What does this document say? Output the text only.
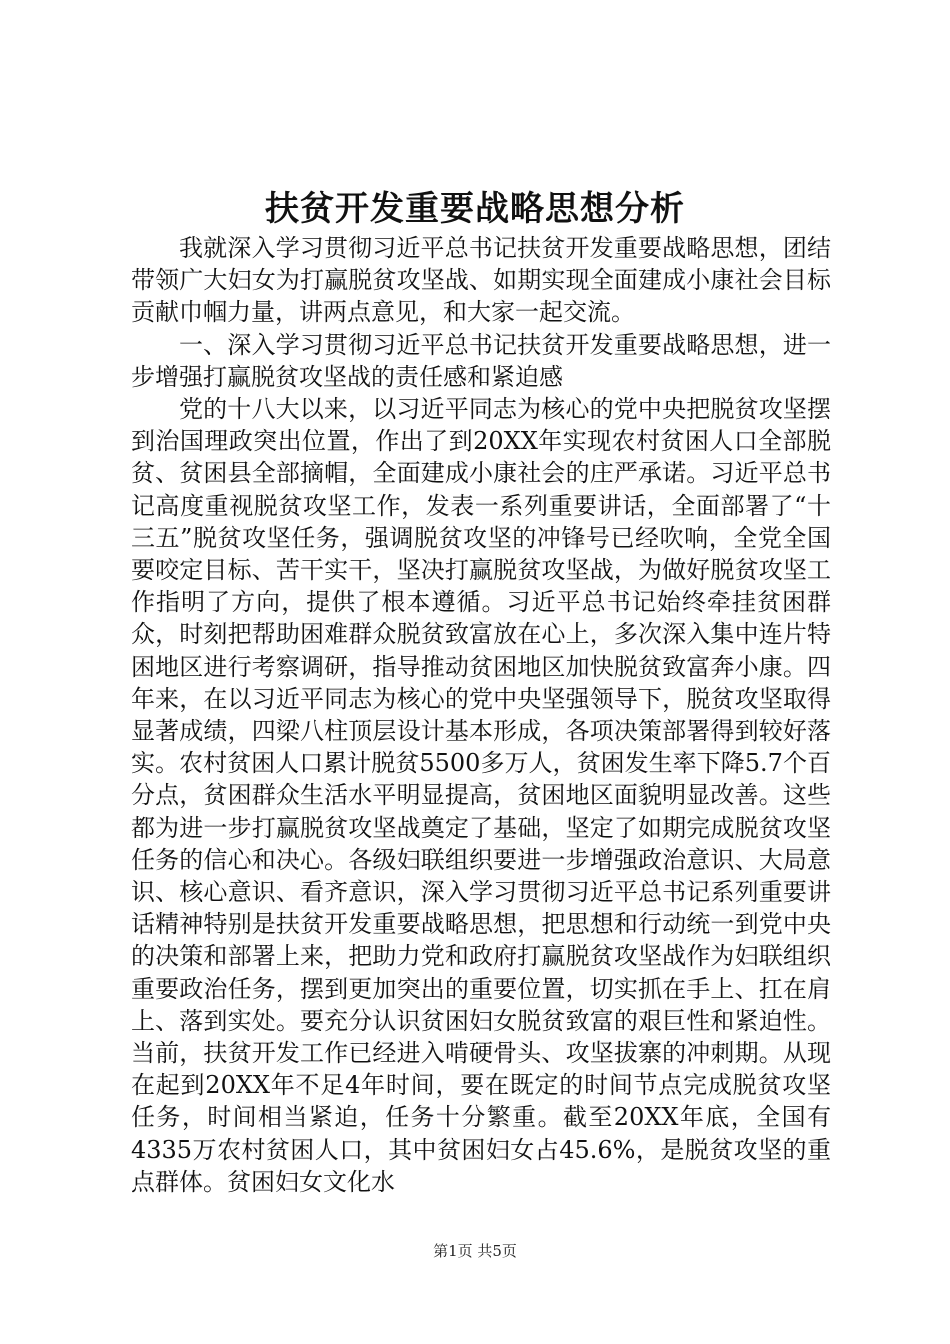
扶贫开发重要战略思想分析

我就深入学习贯彻习近平总书记扶贫开发重要战略思想，团结带领广大妇女为打赢脱贫攻坚战、如期实现全面建成小康社会目标贡献巾帼力量，讲两点意见，和大家一起交流。

一、深入学习贯彻习近平总书记扶贫开发重要战略思想，进一步增强打赢脱贫攻坚战的责任感和紧迫感

党的十八大以来，以习近平同志为核心的党中央把脱贫攻坚摆到治国理政突出位置，作出了到20XX年实现农村贫困人口全部脱贫、贫困县全部摘帽，全面建成小康社会的庄严承诺。习近平总书记高度重视脱贫攻坚工作，发表一系列重要讲话，全面部署了“十三五”脱贫攻坚任务，强调脱贫攻坚的冲锋号已经吹响，全党全国要咬定目标、苦干实干，坚决打赢脱贫攻坚战，为做好脱贫攻坚工作指明了方向，提供了根本遵循。习近平总书记始终牵挂贫困群众，时刻把帮助困难群众脱贫致富放在心上，多次深入集中连片特困地区进行考察调研，指导推动贫困地区加快脱贫致富奔小康。四年来，在以习近平同志为核心的党中央坚强领导下，脱贫攻坚取得显著成绩，四梁八柱顶层设计基本形成，各项决策部署得到较好落实。农村贫困人口累计脱贫5500多万人，贫困发生率下降5.7个百分点，贫困群众生活水平明显提高，贫困地区面貌明显改善。这些都为进一步打赢脱贫攻坚战奠定了基础，坚定了如期完成脱贫攻坚任务的信心和决心。各级妇联组织要进一步增强政治意识、大局意识、核心意识、看齐意识，深入学习贯彻习近平总书记系列重要讲话精神特别是扶贫开发重要战略思想，把思想和行动统一到党中央的决策和部署上来，把助力党和政府打赢脱贫攻坚战作为妇联组织重要政治任务，摆到更加突出的重要位置，切实抓在手上、扛在肩上、落到实处。要充分认识贫困妇女脱贫致富的艰巨性和紧迫性。当前，扶贫开发工作已经进入啃硬骨头、攻坚拔寨的冲刺期。从现在起到20XX年不足4年时间，要在既定的时间节点完成脱贫攻坚任务，时间相当紧迫，任务十分繁重。截至20XX年底，全国有4335万农村贫困人口，其中贫困妇女占45.6%，是脱贫攻坚的重点群体。贫困妇女文化水

第1页 共5页
